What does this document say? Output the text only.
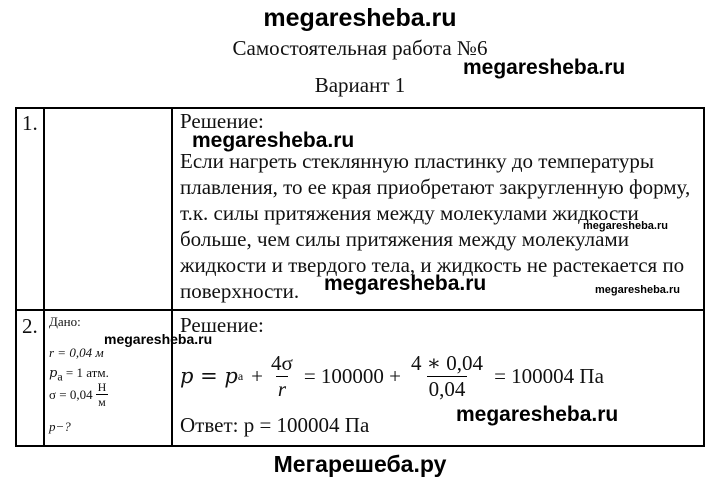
megaresheba.ru
megaresheba.ru
Самостоятельная работа №6
Вариант 1
1.	Решение:
megaresheba.ru
Если нагреть стеклянную пластинку до температуры
плавления, то ее края приобретают закругленную форму,
т.к. силы притяжения между молекулами жидкости
больше, чем силы притяжения между молекулами
жидкости и твердого тела, и жидкость не растекается по
поверхности.
megaresheba.ru
megaresheba.ru	megaresheba.ru
2. Дано:
megaresheba.ru
r = 0,04 м
$p_a = 1$ атм.
$\sigma = 0,04 \frac{Н}{м}$
p−?
Решение:
p = p $a + \frac{4\sigma}{r} = 100000 + \frac{4 ∗ 0,04}{0,04} = 100004$ Па
megaresheba.ru
Ответ: p = 100004 Па
Мегарешеба.ру
